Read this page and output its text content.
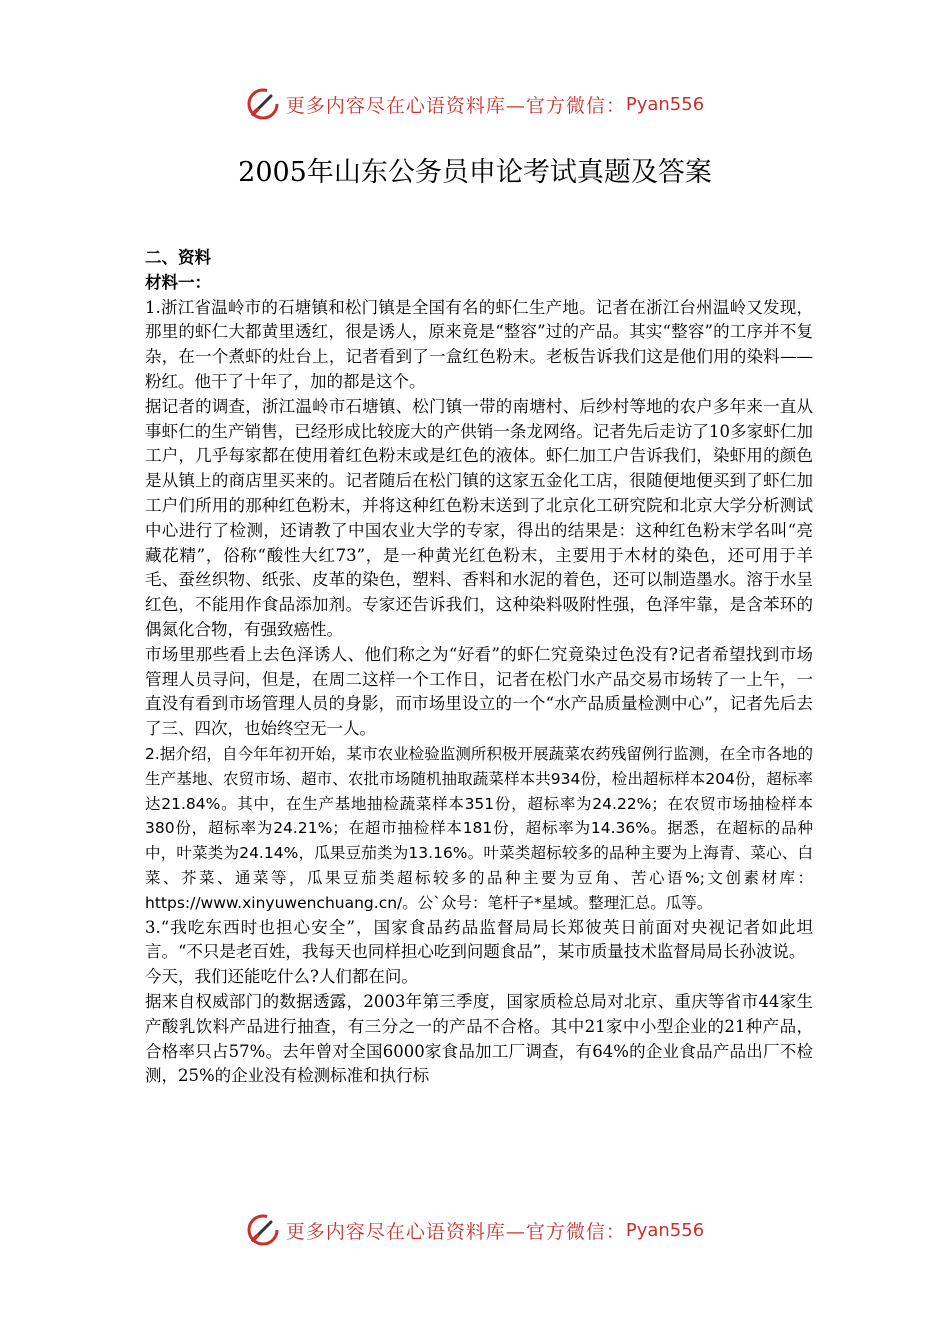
更多内容尽在心语资料库—官方微信： Pyan556
2005年山东公务员申论考试真题及答案

二、资料

材料一：

1.浙江省温岭市的石塘镇和松门镇是全国有名的虾仁生产地。记者在浙江台州温岭又发现，那里的虾仁大都黄里透红，很是诱人，原来竟是“整容”过的产品。其实“整容”的工序并不复杂，在一个煮虾的灶台上，记者看到了一盒红色粉末。老板告诉我们这是他们用的染料——粉红。他干了十年了，加的都是这个。

据记者的调查，浙江温岭市石塘镇、松门镇一带的南塘村、后纱村等地的农户多年来一直从事虾仁的生产销售，已经形成比较庞大的产供销一条龙网络。记者先后走访了10多家虾仁加工户，几乎每家都在使用着红色粉末或是红色的液体。虾仁加工户告诉我们，染虾用的颜色是从镇上的商店里买来的。记者随后在松门镇的这家五金化工店，很随便地便买到了虾仁加工户们所用的那种红色粉末，并将这种红色粉末送到了北京化工研究院和北京大学分析测试中心进行了检测，还请教了中国农业大学的专家，得出的结果是：这种红色粉末学名叫“亮藏花精”，俗称“酸性大红73”，是一种黄光红色粉末，主要用于木材的染色，还可用于羊毛、蚕丝织物、纸张、皮革的染色，塑料、香料和水泥的着色，还可以制造墨水。溶于水呈红色，不能用作食品添加剂。专家还告诉我们，这种染料吸附性强，色泽牢靠，是含苯环的偶氮化合物，有强致癌性。

市场里那些看上去色泽诱人、他们称之为“好看”的虾仁究竟染过色没有?记者希望找到市场管理人员寻问，但是，在周二这样一个工作日，记者在松门水产品交易市场转了一上午，一直没有看到市场管理人员的身影，而市场里设立的一个“水产品质量检测中心”，记者先后去了三、四次，也始终空无一人。

2.据介绍，自今年年初开始，某市农业检验监测所积极开展蔬菜农药残留例行监测，在全市各地的生产基地、农贸市场、超市、农批市场随机抽取蔬菜样本共934份，检出超标样本204份，超标率达21.84%。其中，在生产基地抽检蔬菜样本351份，超标率为24.22%；在农贸市场抽检样本380份，超标率为24.21%；在超市抽检样本181份，超标率为14.36%。据悉，在超标的品种中，叶菜类为24.14%，瓜果豆茄类为13.16%。叶菜类超标较多的品种主要为上海青、菜心、白菜、芥菜、通菜等，瓜果豆茄类超标较多的品种主要为豆角、苦心语%;文创素材库：https://www.xinyuwenchuang.cn/。公`众号：笔杆子*星域。整理汇总。瓜等。

3.“我吃东西时也担心安全”，国家食品药品监督局局长郑彼英日前面对央视记者如此坦言。“不只是老百姓，我每天也同样担心吃到问题食品”，某市质量技术监督局局长孙波说。

今天，我们还能吃什么?人们都在问。

据来自权威部门的数据透露，2003年第三季度，国家质检总局对北京、重庆等省市44家生产酸乳饮料产品进行抽查，有三分之一的产品不合格。其中21家中小型企业的21种产品，合格率只占57%。去年曾对全国6000家食品加工厂调查，有64%的企业食品产品出厂不检测，25%的企业没有检测标准和执行标

更多内容尽在心语资料库—官方微信： Pyan556
